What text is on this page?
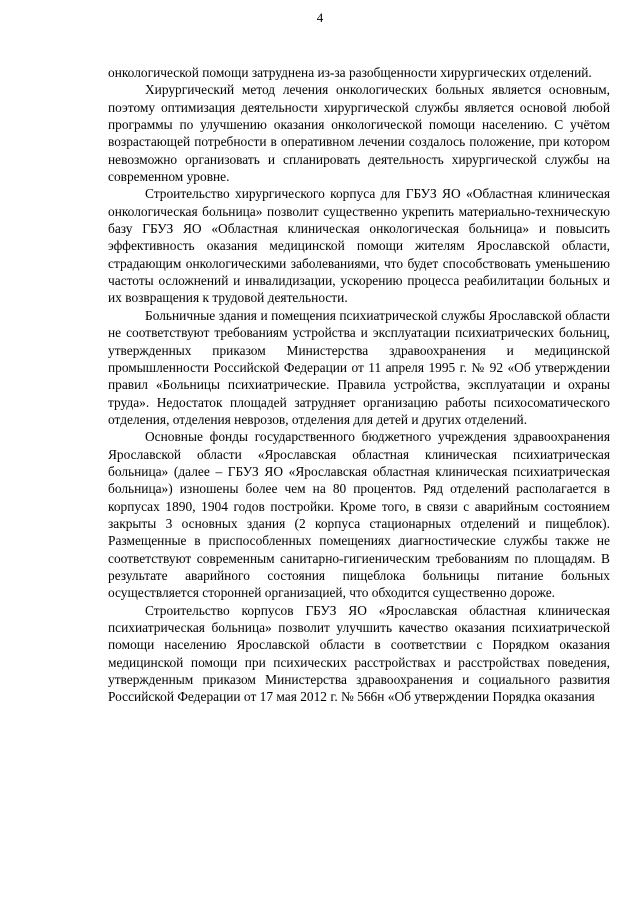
4

онкологической помощи затруднена из-за разобщенности хирургических отделений.

Хирургический метод лечения онкологических больных является основным, поэтому оптимизация деятельности хирургической службы является основой любой программы по улучшению оказания онкологической помощи населению. С учётом возрастающей потребности в оперативном лечении создалось положение, при котором невозможно организовать и спланировать деятельность хирургической службы на современном уровне.

Строительство хирургического корпуса для ГБУЗ ЯО «Областная клиническая онкологическая больница» позволит существенно укрепить материально-техническую базу ГБУЗ ЯО «Областная клиническая онкологическая больница» и повысить эффективность оказания медицинской помощи жителям Ярославской области, страдающим онкологическими заболеваниями, что будет способствовать уменьшению частоты осложнений и инвалидизации, ускорению процесса реабилитации больных и их возвращения к трудовой деятельности.

Больничные здания и помещения психиатрической службы Ярославской области не соответствуют требованиям устройства и эксплуатации психиатрических больниц, утвержденных приказом Министерства здравоохранения и медицинской промышленности Российской Федерации от 11 апреля 1995 г. № 92 «Об утверждении правил «Больницы психиатрические. Правила устройства, эксплуатации и охраны труда». Недостаток площадей затрудняет организацию работы психосоматического отделения, отделения неврозов, отделения для детей и других отделений.

Основные фонды государственного бюджетного учреждения здравоохранения Ярославской области «Ярославская областная клиническая психиатрическая больница» (далее – ГБУЗ ЯО «Ярославская областная клиническая психиатрическая больница») изношены более чем на 80 процентов. Ряд отделений располагается в корпусах 1890, 1904 годов постройки. Кроме того, в связи с аварийным состоянием закрыты 3 основных здания (2 корпуса стационарных отделений и пищеблок). Размещенные в приспособленных помещениях диагностические службы также не соответствуют современным санитарно-гигиеническим требованиям по площадям. В результате аварийного состояния пищеблока больницы питание больных осуществляется сторонней организацией, что обходится существенно дороже.

Строительство корпусов ГБУЗ ЯО «Ярославская областная клиническая психиатрическая больница» позволит улучшить качество оказания психиатрической помощи населению Ярославской области в соответствии с Порядком оказания медицинской помощи при психических расстройствах и расстройствах поведения, утвержденным приказом Министерства здравоохранения и социального развития Российской Федерации от 17 мая 2012 г. № 566н «Об утверждении Порядка оказания
